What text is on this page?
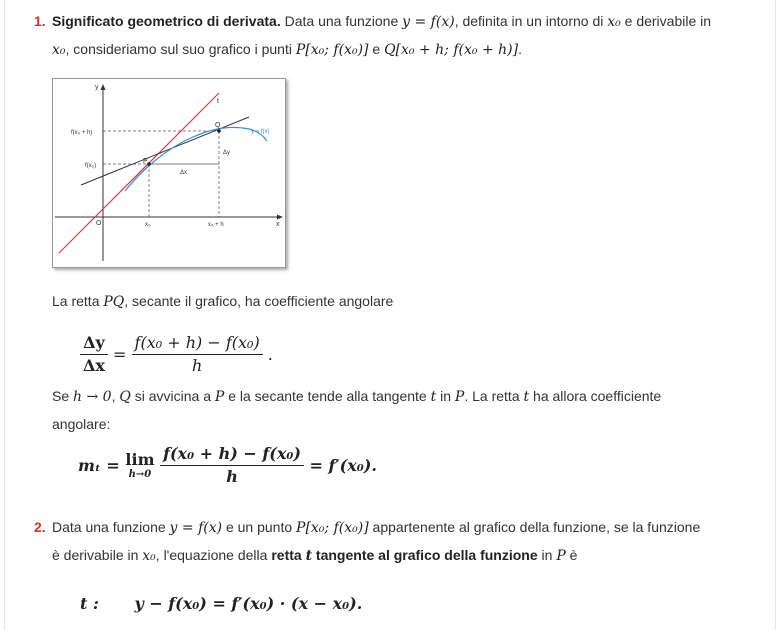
1. Significato geometrico di derivata. Data una funzione y = f(x), definita in un intorno di x₀ e derivabile in
x₀, consideriamo sul suo grafico i punti P[x₀; f(x₀)] e Q[x₀ + h; f(x₀ + h)].
y
x
t
O
P
Q
f(x₀ + h)
f(x₀)
x₀	x₀ + h
Δx
Δy
y = f(x)
La retta PQ, secante il grafico, ha coefficiente angolare
$\frac{\Delta y}{\Delta x} = \frac{\text{f(x₀ + h) − f(x₀)}}{h}$ .
Se h → 0, Q si avvicina a P e la secante tende alla tangente t in P. La retta t ha allora coefficiente
angolare:
mₜ = lim
h→0
$\frac{\text{f(x₀ + h) − f(x₀)}}{h} = f'(x_0)$.
2. Data una funzione y = f(x) e un punto P[x₀; f(x₀)] appartenente al grafico della funzione, se la funzione
è derivabile in x₀, l'equazione della retta t tangente al grafico della funzione in P è
t : y − f(x₀) = f′(x₀) · (x − x₀).
